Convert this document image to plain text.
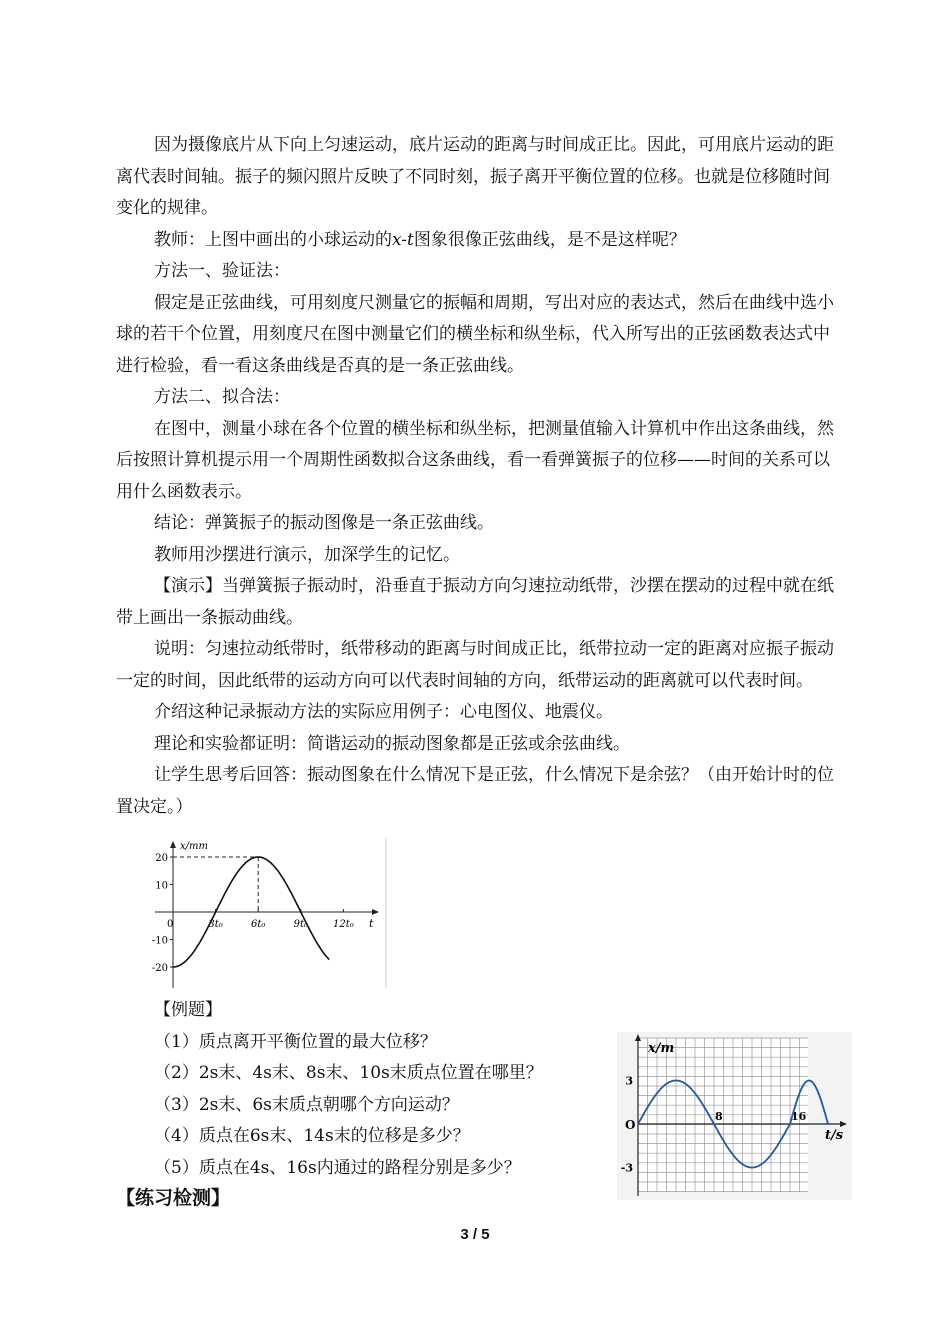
因为摄像底片从下向上匀速运动，底片运动的距离与时间成正比。因此，可用底片运动的距离代表时间轴。振子的频闪照片反映了不同时刻，振子离开平衡位置的位移。也就是位移随时间变化的规律。

教师：上图中画出的小球运动的x-t图象很像正弦曲线，是不是这样呢？

方法一、验证法：

假定是正弦曲线，可用刻度尺测量它的振幅和周期，写出对应的表达式，然后在曲线中选小球的若干个位置，用刻度尺在图中测量它们的横坐标和纵坐标，代入所写出的正弦函数表达式中进行检验，看一看这条曲线是否真的是一条正弦曲线。

方法二、拟合法：

在图中，测量小球在各个位置的横坐标和纵坐标，把测量值输入计算机中作出这条曲线，然后按照计算机提示用一个周期性函数拟合这条曲线，看一看弹簧振子的位移——时间的关系可以用什么函数表示。

结论：弹簧振子的振动图像是一条正弦曲线。

教师用沙摆进行演示，加深学生的记忆。

【演示】当弹簧振子振动时，沿垂直于振动方向匀速拉动纸带，沙摆在摆动的过程中就在纸带上画出一条振动曲线。

说明：匀速拉动纸带时，纸带移动的距离与时间成正比，纸带拉动一定的距离对应振子振动一定的时间，因此纸带的运动方向可以代表时间轴的方向，纸带运动的距离就可以代表时间。

介绍这种记录振动方法的实际应用例子：心电图仪、地震仪。

理论和实验都证明：简谐运动的振动图象都是正弦或余弦曲线。

让学生思考后回答：振动图象在什么情况下是正弦，什么情况下是余弦？（由开始计时的位置决定。）

x/mm
t
0
20
10
-10
-20
3t₀	6t₀	9t₀	12t₀

【例题】

（1）质点离开平衡位置的最大位移？

（2）2s末、4s末、8s末、10s末质点位置在哪里？

（3）2s末、6s末质点朝哪个方向运动？

（4）质点在6s末、14s末的位移是多少？

（5）质点在4s、16s内通过的路程分别是多少？

x/m
t/s
O
3
-3
8	16
【练习检测】
3 / 5
